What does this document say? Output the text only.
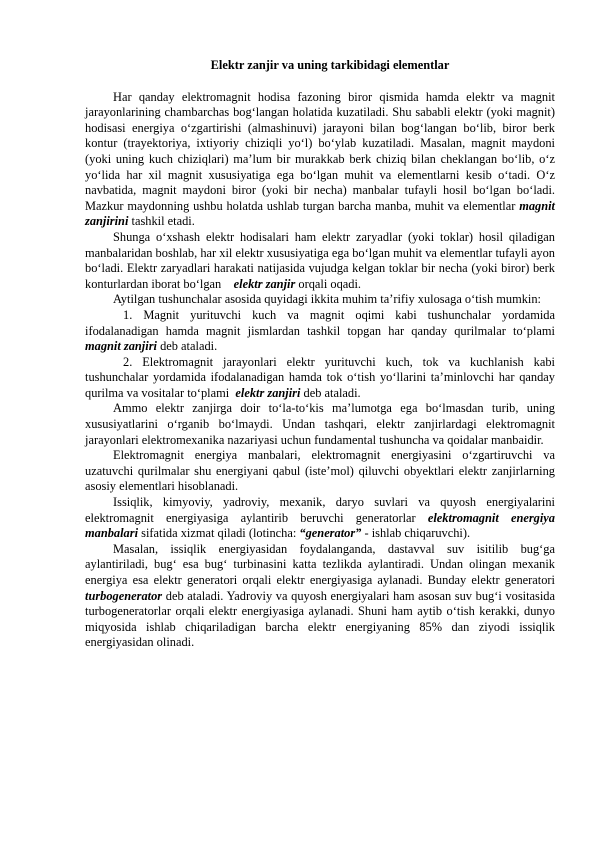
Elektr zanjir va uning tarkibidagi elementlar

Har qanday elektromagnit hodisa fazoning biror qismida hamda elektr va magnit jarayonlarining chambarchas bog‘langan holatida kuzatiladi. Shu sababli elektr (yoki magnit) hodisasi energiya o‘zgartirishi (almashinuvi) jarayoni bilan bog‘langan bo‘lib, biror berk kontur (trayektoriya, ixtiyoriy chiziqli yo‘l) bo‘ylab kuzatiladi. Masalan, magnit maydoni (yoki uning kuch chiziqlari) ma’lum bir murakkab berk chiziq bilan cheklangan bo‘lib, o‘z yo‘lida har xil magnit xususiyatiga ega bo‘lgan muhit va elementlarni kesib o‘tadi. O‘z navbatida, magnit maydoni biror (yoki bir necha) manbalar tufayli hosil bo‘lgan bo‘ladi. Mazkur maydonning ushbu holatda ushlab turgan barcha manba, muhit va elementlar magnit zanjirini tashkil etadi.

Shunga o‘xshash elektr hodisalari ham elektr zaryadlar (yoki toklar) hosil qiladigan manbalaridan boshlab, har xil elektr xususiyatiga ega bo‘lgan muhit va elementlar tufayli ayon bo‘ladi. Elektr zaryadlari harakati natijasida vujudga kelgan toklar bir necha (yoki biror) berk konturlardan iborat bo‘lgan elektr zanjir orqali oqadi.

Aytilgan tushunchalar asosida quyidagi ikkita muhim ta’rifiy xulosaga o‘tish mumkin:

1. Magnit yurituvchi kuch va magnit oqimi kabi tushunchalar yordamida ifodalanadigan hamda magnit jismlardan tashkil topgan har qanday qurilmalar to‘plami magnit zanjiri deb ataladi.

2. Elektromagnit jarayonlari elektr yurituvchi kuch, tok va kuchlanish kabi tushunchalar yordamida ifodalanadigan hamda tok o‘tish yo‘llarini ta’minlovchi har qanday qurilma va vositalar to‘plami elektr zanjiri deb ataladi.

Ammo elektr zanjirga doir to‘la-to‘kis ma’lumotga ega bo‘lmasdan turib, uning xususiyatlarini o‘rganib bo‘lmaydi. Undan tashqari, elektr zanjirlardagi elektromagnit jarayonlari elektromexanika nazariyasi uchun fundamental tushuncha va qoidalar manbaidir.

Elektromagnit energiya manbalari, elektromagnit energiyasini o‘zgartiruvchi va uzatuvchi qurilmalar shu energiyani qabul (iste’mol) qiluvchi obyektlari elektr zanjirlarning asosiy elementlari hisoblanadi.

Issiqlik, kimyoviy, yadroviy, mexanik, daryo suvlari va quyosh energiyalarini elektromagnit energiyasiga aylantirib beruvchi generatorlar elektromagnit energiya manbalari sifatida xizmat qiladi (lotincha: “generator” - ishlab chiqaruvchi).

Masalan, issiqlik energiyasidan foydalanganda, dastavval suv isitilib bug‘ga aylantiriladi, bug‘ esa bug‘ turbinasini katta tezlikda aylantiradi. Undan olingan mexanik energiya esa elektr generatori orqali elektr energiyasiga aylanadi. Bunday elektr generatori turbogenerator deb ataladi. Yadroviy va quyosh energiyalari ham asosan suv bug‘i vositasida turbogeneratorlar orqali elektr energiyasiga aylanadi. Shuni ham aytib o‘tish kerakki, dunyo miqyosida ishlab chiqariladigan barcha elektr energiyaning 85% dan ziyodi issiqlik energiyasidan olinadi.
